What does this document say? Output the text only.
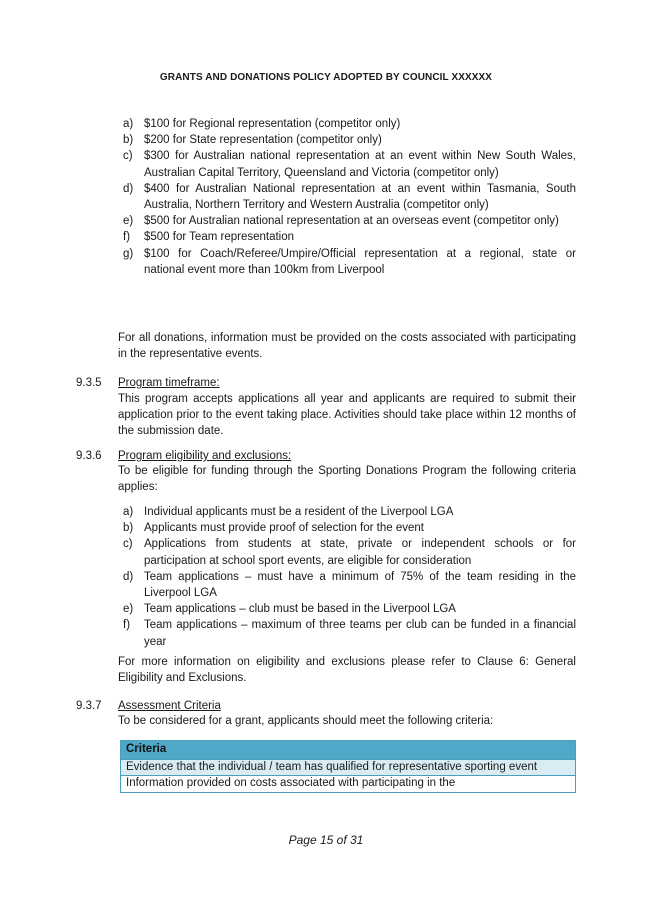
GRANTS AND DONATIONS POLICY ADOPTED BY COUNCIL XXXXXX
a) $100 for Regional representation (competitor only)
b) $200 for State representation (competitor only)
c) $300 for Australian national representation at an event within New South Wales, Australian Capital Territory, Queensland and Victoria (competitor only)
d) $400 for Australian National representation at an event within Tasmania, South Australia, Northern Territory and Western Australia (competitor only)
e) $500 for Australian national representation at an overseas event (competitor only)
f) $500 for Team representation
g) $100 for Coach/Referee/Umpire/Official representation at a regional, state or national event more than 100km from Liverpool

For all donations, information must be provided on the costs associated with participating in the representative events.

9.3.5 Program timeframe:

This program accepts applications all year and applicants are required to submit their application prior to the event taking place. Activities should take place within 12 months of the submission date.

9.3.6 Program eligibility and exclusions:

To be eligible for funding through the Sporting Donations Program the following criteria applies:

a) Individual applicants must be a resident of the Liverpool LGA
b) Applicants must provide proof of selection for the event
c) Applications from students at state, private or independent schools or for participation at school sport events, are eligible for consideration
d) Team applications – must have a minimum of 75% of the team residing in the Liverpool LGA
e) Team applications – club must be based in the Liverpool LGA
f) Team applications – maximum of three teams per club can be funded in a financial year

For more information on eligibility and exclusions please refer to Clause 6: General Eligibility and Exclusions.

9.3.7 Assessment Criteria

To be considered for a grant, applicants should meet the following criteria:

Criteria
Evidence that the individual / team has qualified for representative sporting event
Information provided on costs associated with participating in the
Page 15 of 31
